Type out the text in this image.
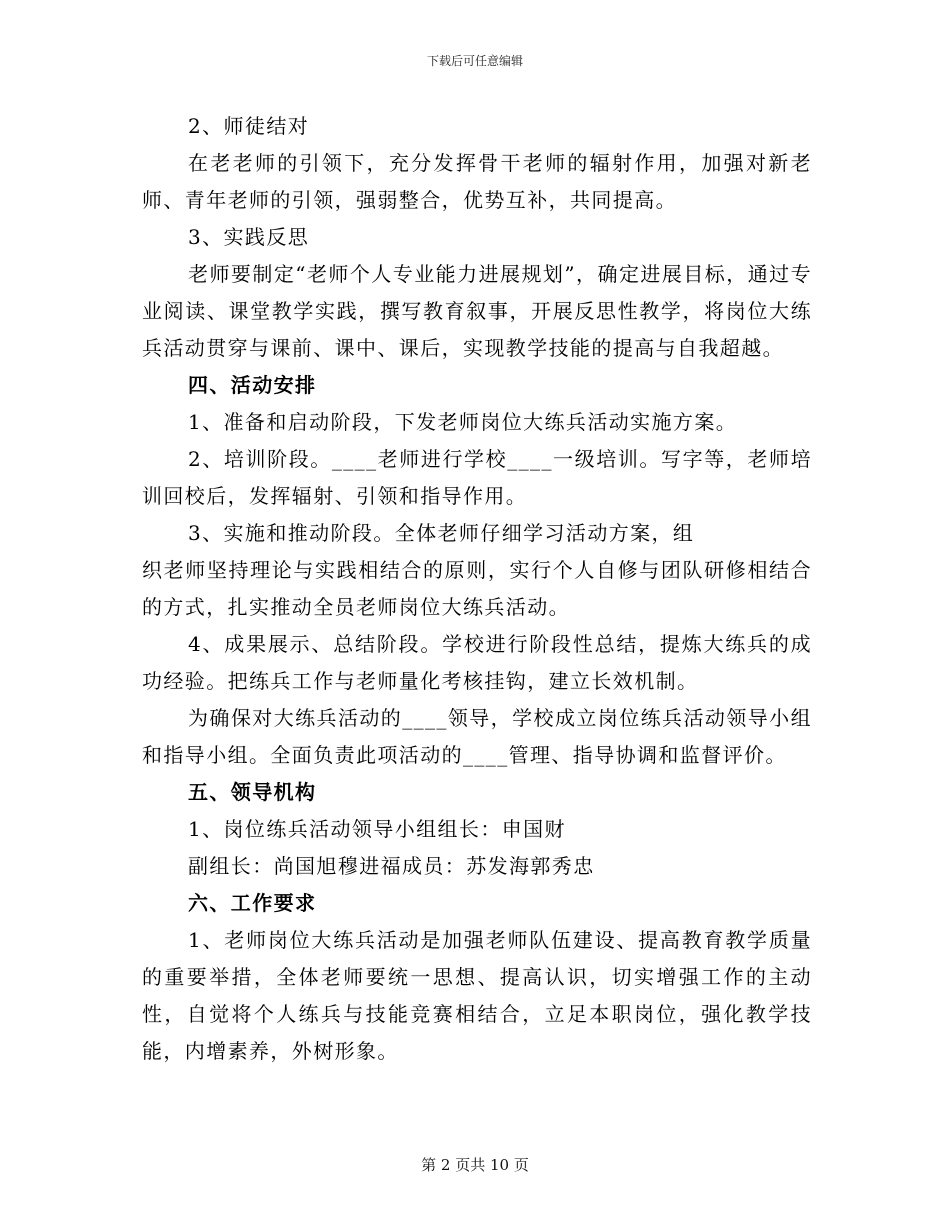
下载后可任意编辑

2、师徒结对

在老老师的引领下，充分发挥骨干老师的辐射作用，加强对新老师、青年老师的引领，强弱整合，优势互补，共同提高。

3、实践反思

老师要制定“老师个人专业能力进展规划”，确定进展目标，通过专业阅读、课堂教学实践，撰写教育叙事，开展反思性教学，将岗位大练兵活动贯穿与课前、课中、课后，实现教学技能的提高与自我超越。

四、活动安排

1、准备和启动阶段，下发老师岗位大练兵活动实施方案。

2、培训阶段。____老师进行学校____一级培训。写字等，老师培训回校后，发挥辐射、引领和指导作用。

3、实施和推动阶段。全体老师仔细学习活动方案，组

织老师坚持理论与实践相结合的原则，实行个人自修与团队研修相结合的方式，扎实推动全员老师岗位大练兵活动。

4、成果展示、总结阶段。学校进行阶段性总结，提炼大练兵的成功经验。把练兵工作与老师量化考核挂钩，建立长效机制。

为确保对大练兵活动的____领导，学校成立岗位练兵活动领导小组和指导小组。全面负责此项活动的____管理、指导协调和监督评价。

五、领导机构

1、岗位练兵活动领导小组组长：申国财

副组长：尚国旭穆进福成员：苏发海郭秀忠

六、工作要求

1、老师岗位大练兵活动是加强老师队伍建设、提高教育教学质量的重要举措，全体老师要统一思想、提高认识，切实增强工作的主动性，自觉将个人练兵与技能竞赛相结合，立足本职岗位，强化教学技能，内增素养，外树形象。

第 2 页共 10 页
